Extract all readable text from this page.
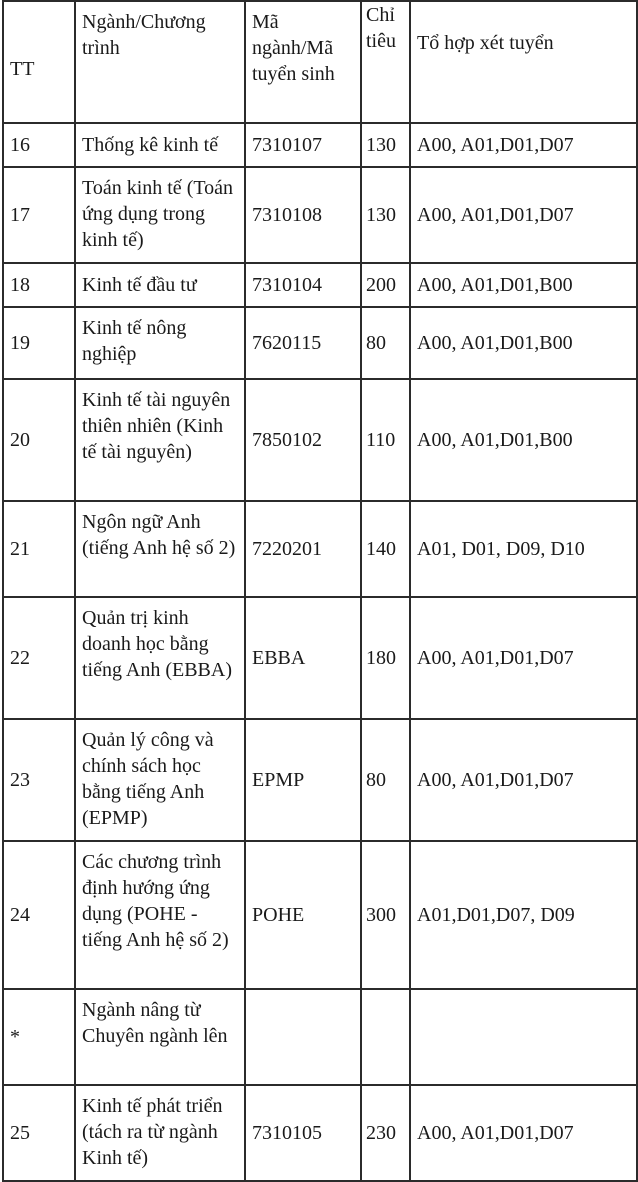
TT	Ngành/Chương trình	Mã ngành/Mã tuyển sinh	Chỉ tiêu	Tổ hợp xét tuyển
16	Thống kê kinh tế	7310107	130	A00, A01,D01,D07
17	Toán kinh tế (Toán ứng dụng trong kinh tế)	7310108	130	A00, A01,D01,D07
18	Kinh tế đầu tư	7310104	200	A00, A01,D01,B00
19	Kinh tế nông nghiệp	7620115	80	A00, A01,D01,B00
20	Kinh tế tài nguyên thiên nhiên (Kinh tế tài nguyên)	7850102	110	A00, A01,D01,B00
21	Ngôn ngữ Anh (tiếng Anh hệ số 2)	7220201	140	A01, D01, D09, D10
22	Quản trị kinh doanh học bằng tiếng Anh (EBBA)	EBBA	180	A00, A01,D01,D07
23	Quản lý công và chính sách học bằng tiếng Anh (EPMP)	EPMP	80	A00, A01,D01,D07
24	Các chương trình định hướng ứng dụng (POHE - tiếng Anh hệ số 2)	POHE	300	A01,D01,D07, D09
*	Ngành nâng từ Chuyên ngành lên			
25	Kinh tế phát triển (tách ra từ ngành Kinh tế)	7310105	230	A00, A01,D01,D07
